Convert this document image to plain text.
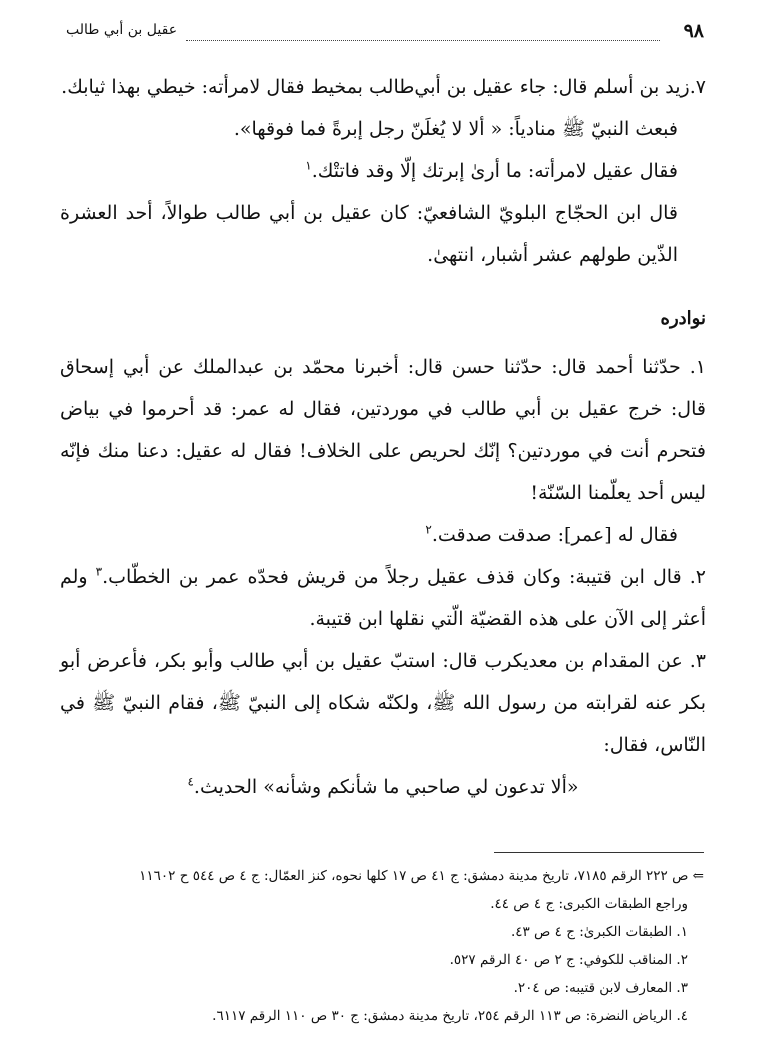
٩٨
عقيل بن أبي طالب

٧.زيد بن أسلم قال: جاء عقيل بن أبي‌طالب بمخيط فقال لامرأته: خيطي بهذا ثيابك.

فبعث النبيّ ﷺ منادياً: « ألا لا يُغلَنّ رجل إبرةً فما فوقها».

فقال عقيل لامرأته: ما أرىٰ إبرتك إلّا وقد فاتتْك.$^١$

قال ابن الحجّاج البلويّ الشافعيّ: كان عقيل بن أبي طالب طوالاً، أحد العشرة الذّين طولهم عشر أشبار، انتهىٰ.

نوادره

١. حدّثنا أحمد قال: حدّثنا حسن قال: أخبرنا محمّد بن عبدالملك عن أبي إسحاق قال: خرج عقيل بن أبي طالب في موردتين، فقال له عمر: قد أحرموا في بياض فتحرم أنت في موردتين؟ إنّك لحريص على الخلاف! فقال له عقيل: دعنا منك فإنّه ليس أحد يعلّمنا السّنّة!

فقال له [عمر]: صدقت صدقت.$^٢$

٢. قال ابن قتيبة: وكان قذف عقيل رجلاً من قريش فحدّه عمر بن الخطّاب.$^٣$ ولم أعثر إلى الآن على هذه القضيّة الّتي نقلها ابن قتيبة.

٣. عن المقدام بن معديكرب قال: استبّ عقيل بن أبي طالب وأبو بكر، فأعرض أبو بكر عنه لقرابته من رسول الله ﷺ، ولكنّه شكاه إلى النبيّ ﷺ، فقام النبيّ ﷺ في النّاس، فقال:

«ألا تدعون لي صاحبي ما شأنكم وشأنه» الحديث.$^٤$

⇐ ص ٢٢٢ الرقم ٧١٨٥، تاريخ مدينة دمشق: ج ٤١ ص ١٧ كلها نحوه، كنز العمّال: ج ٤ ص ٥٤٤ ح ١١٦٠٢

وراجع الطبقات الكبرى: ج ٤ ص ٤٤.

١. الطبقات الكبرىٰ: ج ٤ ص ٤٣.

٢. المناقب للكوفي: ج ٢ ص ٤٠ الرقم ٥٢٧.

٣. المعارف لابن قتيبه: ص ٢٠٤.

٤. الرياض النضرة: ص ١١٣ الرقم ٢٥٤، تاريخ مدينة دمشق: ج ٣٠ ص ١١٠ الرقم ٦١١٧.
